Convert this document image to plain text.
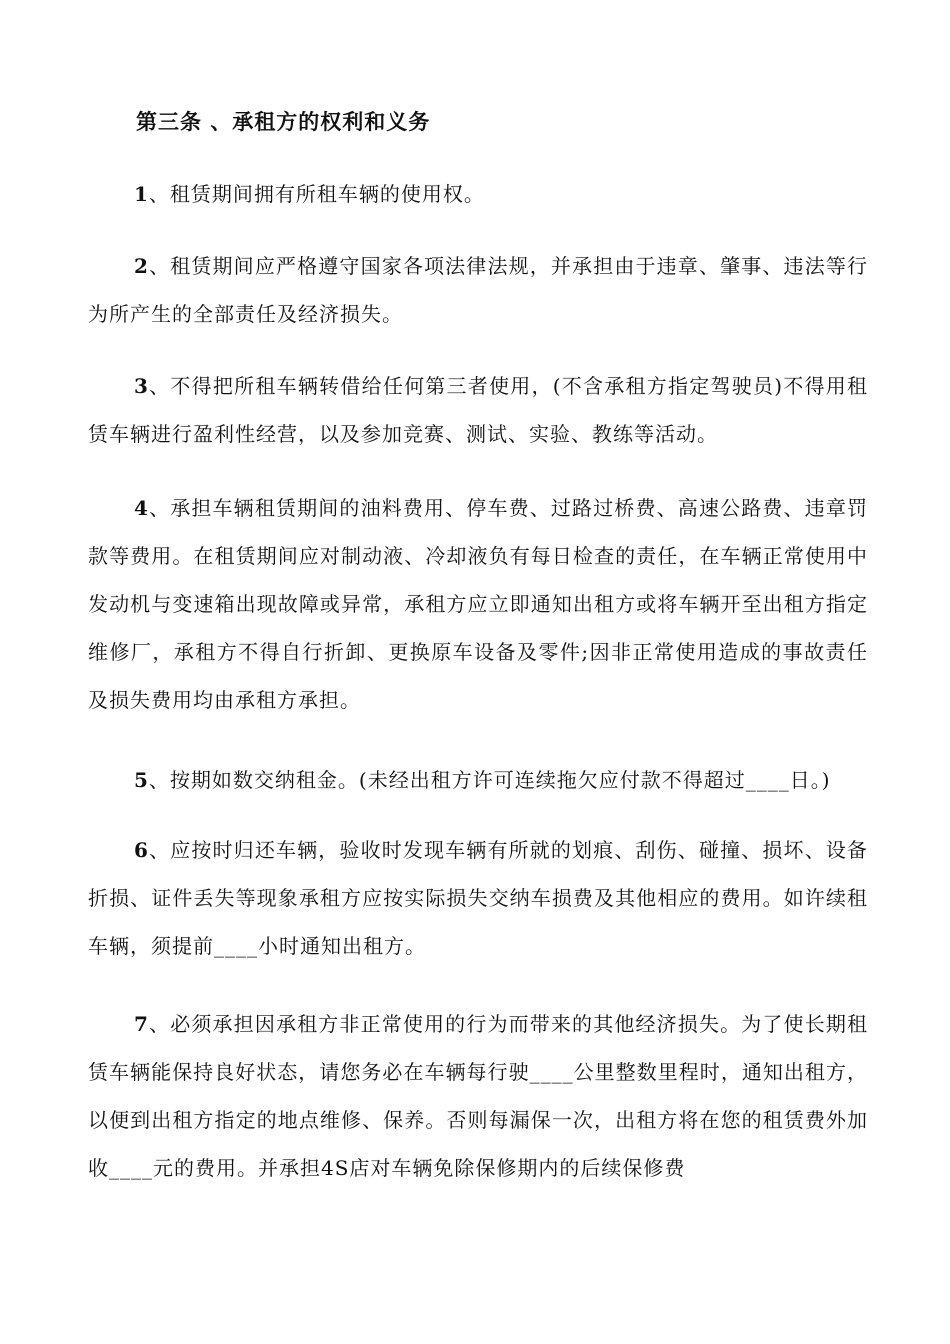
第三条 、承租方的权利和义务

1、租赁期间拥有所租车辆的使用权。

2、租赁期间应严格遵守国家各项法律法规，并承担由于违章、肇事、违法等行为所产生的全部责任及经济损失。

3、不得把所租车辆转借给任何第三者使用，(不含承租方指定驾驶员)不得用租赁车辆进行盈利性经营，以及参加竞赛、测试、实验、教练等活动。

4、承担车辆租赁期间的油料费用、停车费、过路过桥费、高速公路费、违章罚款等费用。在租赁期间应对制动液、冷却液负有每日检查的责任，在车辆正常使用中发动机与变速箱出现故障或异常，承租方应立即通知出租方或将车辆开至出租方指定维修厂，承租方不得自行折卸、更换原车设备及零件;因非正常使用造成的事故责任及损失费用均由承租方承担。

5、按期如数交纳租金。(未经出租方许可连续拖欠应付款不得超过____日。)

6、应按时归还车辆，验收时发现车辆有所就的划痕、刮伤、碰撞、损坏、设备折损、证件丢失等现象承租方应按实际损失交纳车损费及其他相应的费用。如许续租车辆，须提前____小时通知出租方。

7、必须承担因承租方非正常使用的行为而带来的其他经济损失。为了使长期租赁车辆能保持良好状态，请您务必在车辆每行驶____公里整数里程时，通知出租方，以便到出租方指定的地点维修、保养。否则每漏保一次，出租方将在您的租赁费外加收____元的费用。并承担4S店对车辆免除保修期内的后续保修费
